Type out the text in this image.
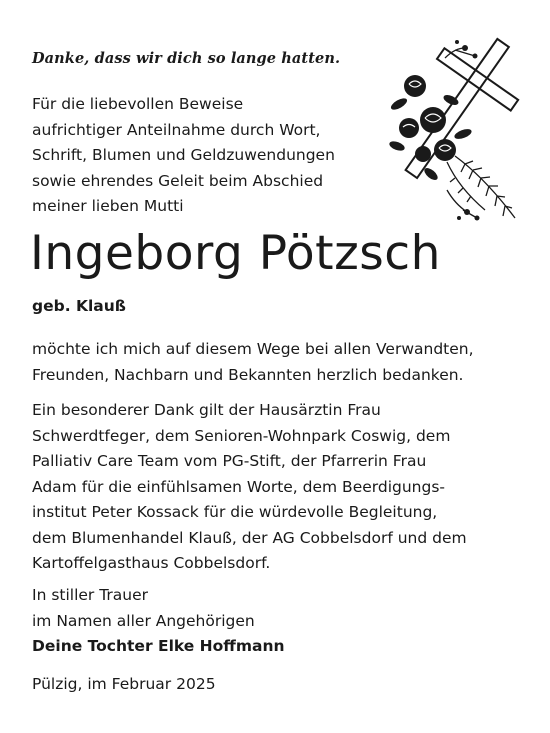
Danke, dass wir dich so lange hatten.
Für die liebevollen Beweise
aufrichtiger Anteilnahme durch Wort,
Schrift, Blumen und Geldzuwendungen
sowie ehrendes Geleit beim Abschied
meiner lieben Mutti
Ingeborg Pötzsch
geb. Klauß
möchte ich mich auf diesem Wege bei allen Verwandten,
Freunden, Nachbarn und Bekannten herzlich bedanken.
Ein besonderer Dank gilt der Hausärztin Frau
Schwerdtfeger, dem Senioren-Wohnpark Coswig, dem
Palliativ Care Team vom PG-Stift, der Pfarrerin Frau
Adam für die einfühlsamen Worte, dem Beerdigungs-
institut Peter Kossack für die würdevolle Begleitung,
dem Blumenhandel Klauß, der AG Cobbelsdorf und dem
Kartoffelgasthaus Cobbelsdorf.
In stiller Trauer
im Namen aller Angehörigen
Deine Tochter Elke Hoffmann
Pülzig, im Februar 2025
